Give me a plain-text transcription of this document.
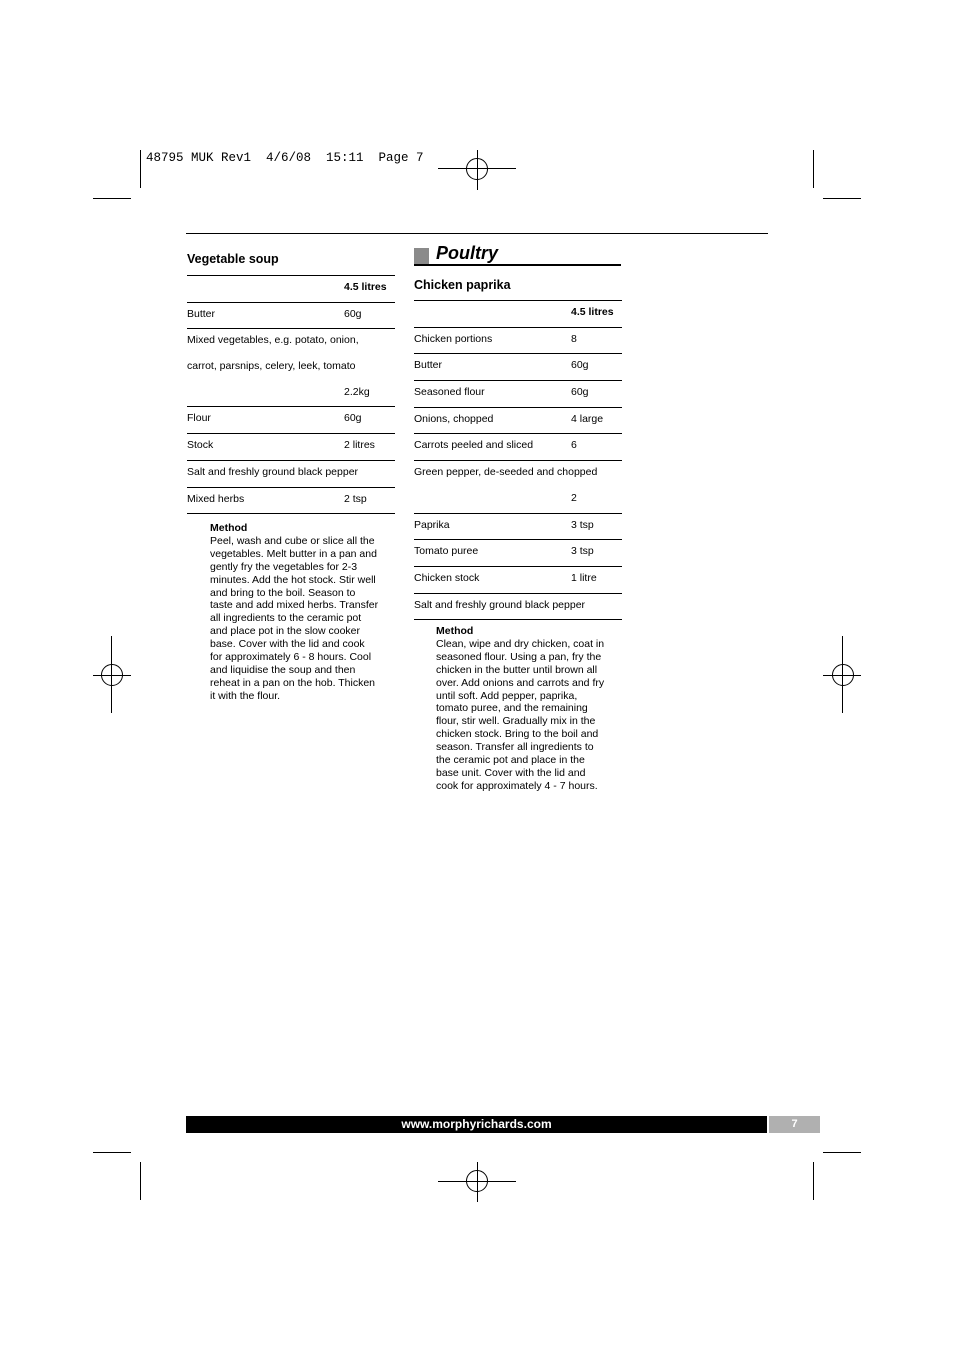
48795 MUK Rev1  4/6/08  15:11  Page 7
Vegetable soup
4.5 litres
Butter	60g
Mixed vegetables, e.g. potato, onion,
carrot, parsnips, celery, leek, tomato
2.2kg
Flour	60g
Stock	2 litres
Salt and freshly ground black pepper
Mixed herbs	2 tsp
Method
Peel, wash and cube or slice all the
vegetables. Melt butter in a pan and
gently fry the vegetables for 2-3
minutes. Add the hot stock. Stir well
and bring to the boil. Season to
taste and add mixed herbs. Transfer
all ingredients to the ceramic pot
and place pot in the slow cooker
base. Cover with the lid and cook
for approximately 6 - 8 hours. Cool
and liquidise the soup and then
reheat in a pan on the hob. Thicken
it with the flour.
Poultry
Chicken paprika
4.5 litres
Chicken portions	8
Butter	60g
Seasoned flour	60g
Onions, chopped	4 large
Carrots peeled and sliced	6
Green pepper, de-seeded and chopped
2
Paprika	3 tsp
Tomato puree	3 tsp
Chicken stock	1 litre
Salt and freshly ground black pepper
Method
Clean, wipe and dry chicken, coat in
seasoned flour. Using a pan, fry the
chicken in the butter until brown all
over. Add onions and carrots and fry
until soft. Add pepper, paprika,
tomato puree, and the remaining
flour, stir well. Gradually mix in the
chicken stock. Bring to the boil and
season. Transfer all ingredients to
the ceramic pot and place in the
base unit. Cover with the lid and
cook for approximately 4 - 7 hours.
www.morphyrichards.com	7
